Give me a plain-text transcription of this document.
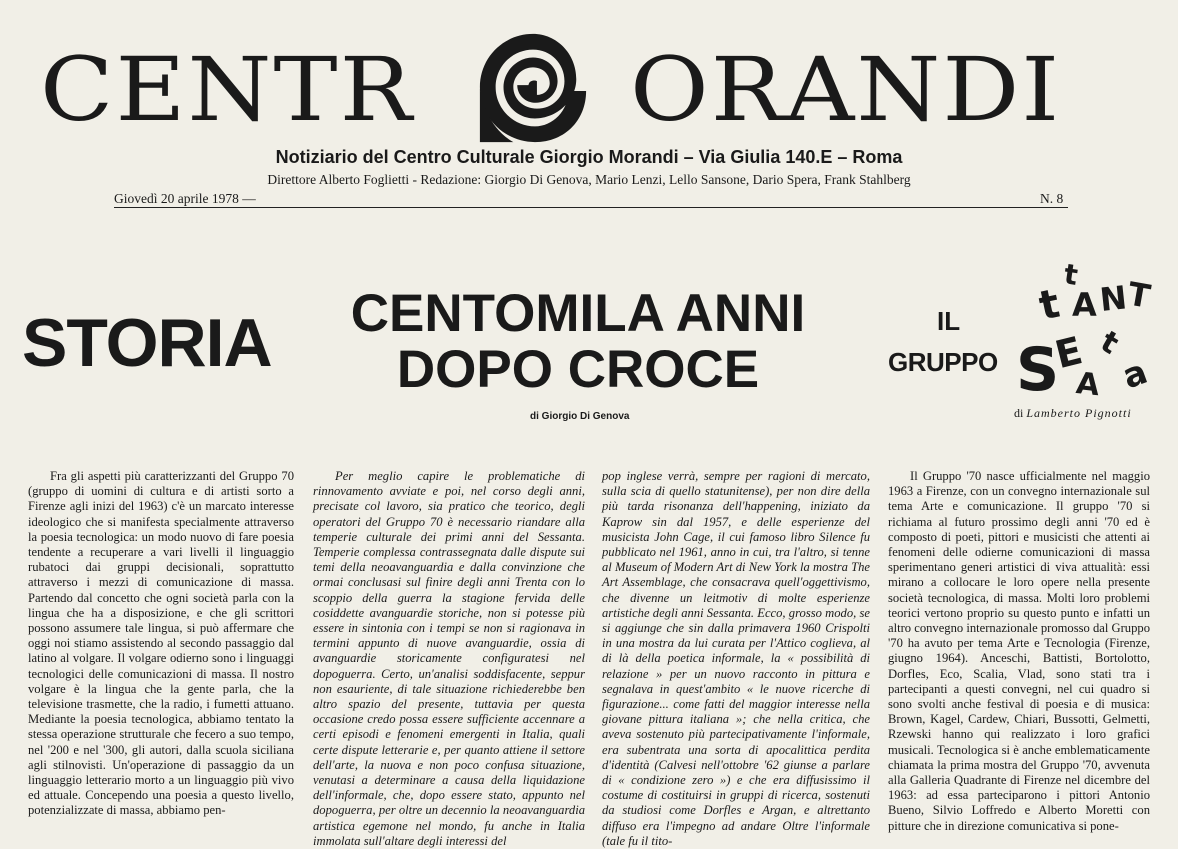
CENTR ORANDI
Notiziario del Centro Culturale Giorgio Morandi – Via Giulia 140.E – Roma
Direttore Alberto Foglietti - Redazione: Giorgio Di Genova, Mario Lenzi, Lello Sansone, Dario Spera, Frank Stahlberg
Giovedì 20 aprile 1978 —	N. 8
STORIA	CENTOMILA ANNI
DOPO CROCE
di Giorgio Di Genova
IL
GRUPPO
t
t A N
T
S
E
A
t
a
di Lamberto Pignotti

Fra gli aspetti più caratterizzanti del Gruppo 70 (gruppo di uomini di cultura e di artisti sorto a Firenze agli inizi del 1963) c'è un marcato interesse ideologico che si manifesta specialmente attraverso la poesia tecnologica: un modo nuovo di fare poesia tendente a recuperare a vari livelli il linguaggio rubatoci dai gruppi decisionali, soprattutto attraverso i mezzi di comunicazione di massa. Partendo dal concetto che ogni società parla con la lingua che ha a disposizione, e che gli scrittori possono assumere tale lingua, si può affermare che oggi noi stiamo assistendo al secondo passaggio dal latino al volgare. Il volgare odierno sono i linguaggi tecnologici delle comunicazioni di massa. Il nostro volgare è la lingua che la gente parla, che la televisione trasmette, che la radio, i fumetti attuano. Mediante la poesia tecnologica, abbiamo tentato la stessa operazione strutturale che fecero a suo tempo, nel '200 e nel '300, gli autori, dalla scuola siciliana agli stilnovisti. Un'operazione di passaggio da un linguaggio letterario morto a un linguaggio più vivo ed attuale. Concependo una poesia a questo livello, potenzializzate di massa, abbiamo pen-

Per meglio capire le problematiche di rinnovamento avviate e poi, nel corso degli anni, precisate col lavoro, sia pratico che teorico, degli operatori del Gruppo 70 è necessario riandare alla temperie culturale dei primi anni del Sessanta. Temperie complessa contrassegnata dalle dispute sui temi della neoavanguardia e dalla convinzione che ormai conclusasi sul finire degli anni Trenta con lo scoppio della guerra la stagione fervida delle cosiddette avanguardie storiche, non si potesse più essere in sintonia con i tempi se non si ragionava in termini appunto di nuove avanguardie, ossia di avanguardie storicamente configuratesi nel dopoguerra. Certo, un'analisi soddisfacente, seppur non esauriente, di tale situazione richiederebbe ben altro spazio del presente, tuttavia per questa occasione credo possa essere sufficiente accennare a certi episodi e fenomeni emergenti in Italia, quali certe dispute letterarie e, per quanto attiene il settore dell'arte, la nuova e non poco confusa situazione, venutasi a determinare a causa della liquidazione dell'informale, che, dopo essere stato, appunto nel dopoguerra, per oltre un decennio la neoavanguardia artistica egemone nel mondo, fu anche in Italia immolata sull'altare degli interessi del

pop inglese verrà, sempre per ragioni di mercato, sulla scia di quello statunitense), per non dire della più tarda risonanza dell'happening, iniziato da Kaprow sin dal 1957, e delle esperienze del musicista John Cage, il cui famoso libro Silence fu pubblicato nel 1961, anno in cui, tra l'altro, si tenne al Museum of Modern Art di New York la mostra The Art Assemblage, che consacrava quell'oggettivismo, che divenne un leitmotiv di molte esperienze artistiche degli anni Sessanta. Ecco, grosso modo, se si aggiunge che sin dalla primavera 1960 Crispolti in una mostra da lui curata per l'Attico coglieva, al di là della poetica informale, la « possibilità di relazione » per un nuovo racconto in pittura e segnalava in quest'ambito « le nuove ricerche di figurazione... come fatti del maggior interesse nella giovane pittura italiana »; che nella critica, che aveva sostenuto più partecipativamente l'informale, era subentrata una sorta di apocalittica perdita d'identità (Calvesi nell'ottobre '62 giunse a parlare di « condizione zero ») e che era diffusissimo il costume di costituirsi in gruppi di ricerca, sostenuti da studiosi come Dorfles e Argan, e altrettanto diffuso era l'impegno ad andare Oltre l'informale (tale fu il tito-

Il Gruppo '70 nasce ufficialmente nel maggio 1963 a Firenze, con un convegno internazionale sul tema Arte e comunicazione. Il gruppo '70 si richiama al futuro prossimo degli anni '70 ed è composto di poeti, pittori e musicisti che attenti ai fenomeni delle odierne comunicazioni di massa sperimentano generi artistici di viva attualità: essi mirano a collocare le loro opere nella presente società tecnologica, di massa. Molti loro problemi teorici vertono proprio su questo punto e infatti un altro convegno internazionale promosso dal Gruppo '70 ha avuto per tema Arte e Tecnologia (Firenze, giugno 1964). Anceschi, Battisti, Bortolotto, Dorfles, Eco, Scalia, Vlad, sono stati tra i partecipanti a questi convegni, nel cui quadro si sono svolti anche festival di poesia e di musica: Brown, Kagel, Cardew, Chiari, Bussotti, Gelmetti, Rzewski hanno qui realizzato i loro grafici musicali. Tecnologica si è anche emblematicamente chiamata la prima mostra del Gruppo '70, avvenuta alla Galleria Quadrante di Firenze nel dicembre del 1963: ad essa parteciparono i pittori Antonio Bueno, Silvio Loffredo e Alberto Moretti con pitture che in direzione comunicativa si pone-
